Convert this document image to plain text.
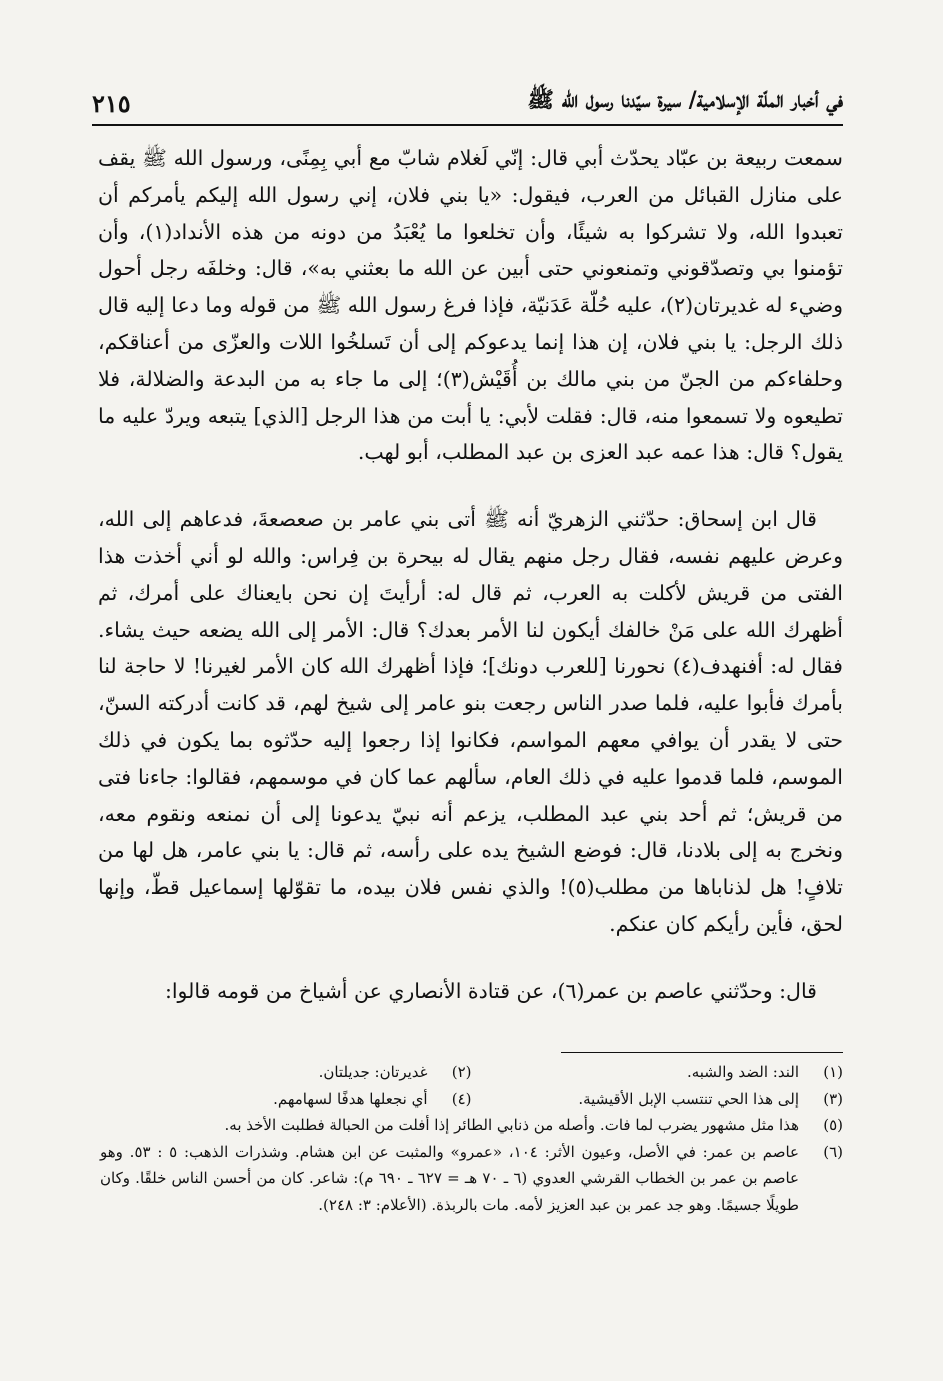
في أخبار الملّة الإسلامية/ سيرة سيّدنا رسول الله ﷺ
٢١٥

سمعت ربيعة بن عبّاد يحدّث أبي قال: إنّي لَغلام شابّ مع أبي بِمِنًى، ورسول الله ﷺ يقف على منازل القبائل من العرب، فيقول: «يا بني فلان، إني رسول الله إليكم يأمركم أن تعبدوا الله، ولا تشركوا به شيئًا، وأن تخلعوا ما يُعْبَدُ من دونه من هذه الأنداد(١)، وأن تؤمنوا بي وتصدّقوني وتمنعوني حتى أبين عن الله ما بعثني به»، قال: وخلفَه رجل أحول وضيء له غديرتان(٢)، عليه حُلّة عَدَنيّة، فإذا فرغ رسول الله ﷺ من قوله وما دعا إليه قال ذلك الرجل: يا بني فلان، إن هذا إنما يدعوكم إلى أن تَسلخُوا اللات والعزّى من أعناقكم، وحلفاءكم من الجنّ من بني مالك بن أُقَيْش(٣)؛ إلى ما جاء به من البدعة والضلالة، فلا تطيعوه ولا تسمعوا منه، قال: فقلت لأبي: يا أبت من هذا الرجل [الذي] يتبعه ويردّ عليه ما يقول؟ قال: هذا عمه عبد العزى بن عبد المطلب، أبو لهب.

قال ابن إسحاق: حدّثني الزهريّ أنه ﷺ أتى بني عامر بن صعصعةَ، فدعاهم إلى الله، وعرض عليهم نفسه، فقال رجل منهم يقال له بيحرة بن فِراس: والله لو أني أخذت هذا الفتى من قريش لأكلت به العرب، ثم قال له: أرأيتَ إن نحن بايعناك على أمرك، ثم أظهرك الله على مَنْ خالفك أيكون لنا الأمر بعدك؟ قال: الأمر إلى الله يضعه حيث يشاء. فقال له: أفنهدف(٤) نحورنا [للعرب دونك]؛ فإذا أظهرك الله كان الأمر لغيرنا! لا حاجة لنا بأمرك فأبوا عليه، فلما صدر الناس رجعت بنو عامر إلى شيخ لهم، قد كانت أدركته السنّ، حتى لا يقدر أن يوافي معهم المواسم، فكانوا إذا رجعوا إليه حدّثوه بما يكون في ذلك الموسم، فلما قدموا عليه في ذلك العام، سألهم عما كان في موسمهم، فقالوا: جاءنا فتى من قريش؛ ثم أحد بني عبد المطلب، يزعم أنه نبيّ يدعونا إلى أن نمنعه ونقوم معه، ونخرج به إلى بلادنا، قال: فوضع الشيخ يده على رأسه، ثم قال: يا بني عامر، هل لها من تلافٍ! هل لذناباها من مطلب(٥)! والذي نفس فلان بيده، ما تقوّلها إسماعيل قطّ، وإنها لحق، فأين رأيكم كان عنكم.

قال: وحدّثني عاصم بن عمر(٦)، عن قتادة الأنصاري عن أشياخ من قومه قالوا:

(١)
الند: الضد والشبه.
(٢)
غديرتان: جديلتان.
(٣)
إلى هذا الحي تنتسب الإبل الأقيشية.
(٤)
أي نجعلها هدفًا لسهامهم.
(٥)
هذا مثل مشهور يضرب لما فات. وأصله من ذنابي الطائر إذا أفلت من الحبالة فطلبت الأخذ به.
(٦)
عاصم بن عمر: في الأصل، وعيون الأثر: ١٠٤، «عمرو» والمثبت عن ابن هشام. وشذرات الذهب: ٥ : ٥٣. وهو عاصم بن عمر بن الخطاب القرشي العدوي (٦ ـ ٧٠ هـ = ٦٢٧ ـ ٦٩٠ م): شاعر. كان من أحسن الناس خلقًا. وكان طويلًا جسيمًا. وهو جد عمر بن عبد العزيز لأمه. مات بالربذة. (الأعلام: ٣: ٢٤٨).
